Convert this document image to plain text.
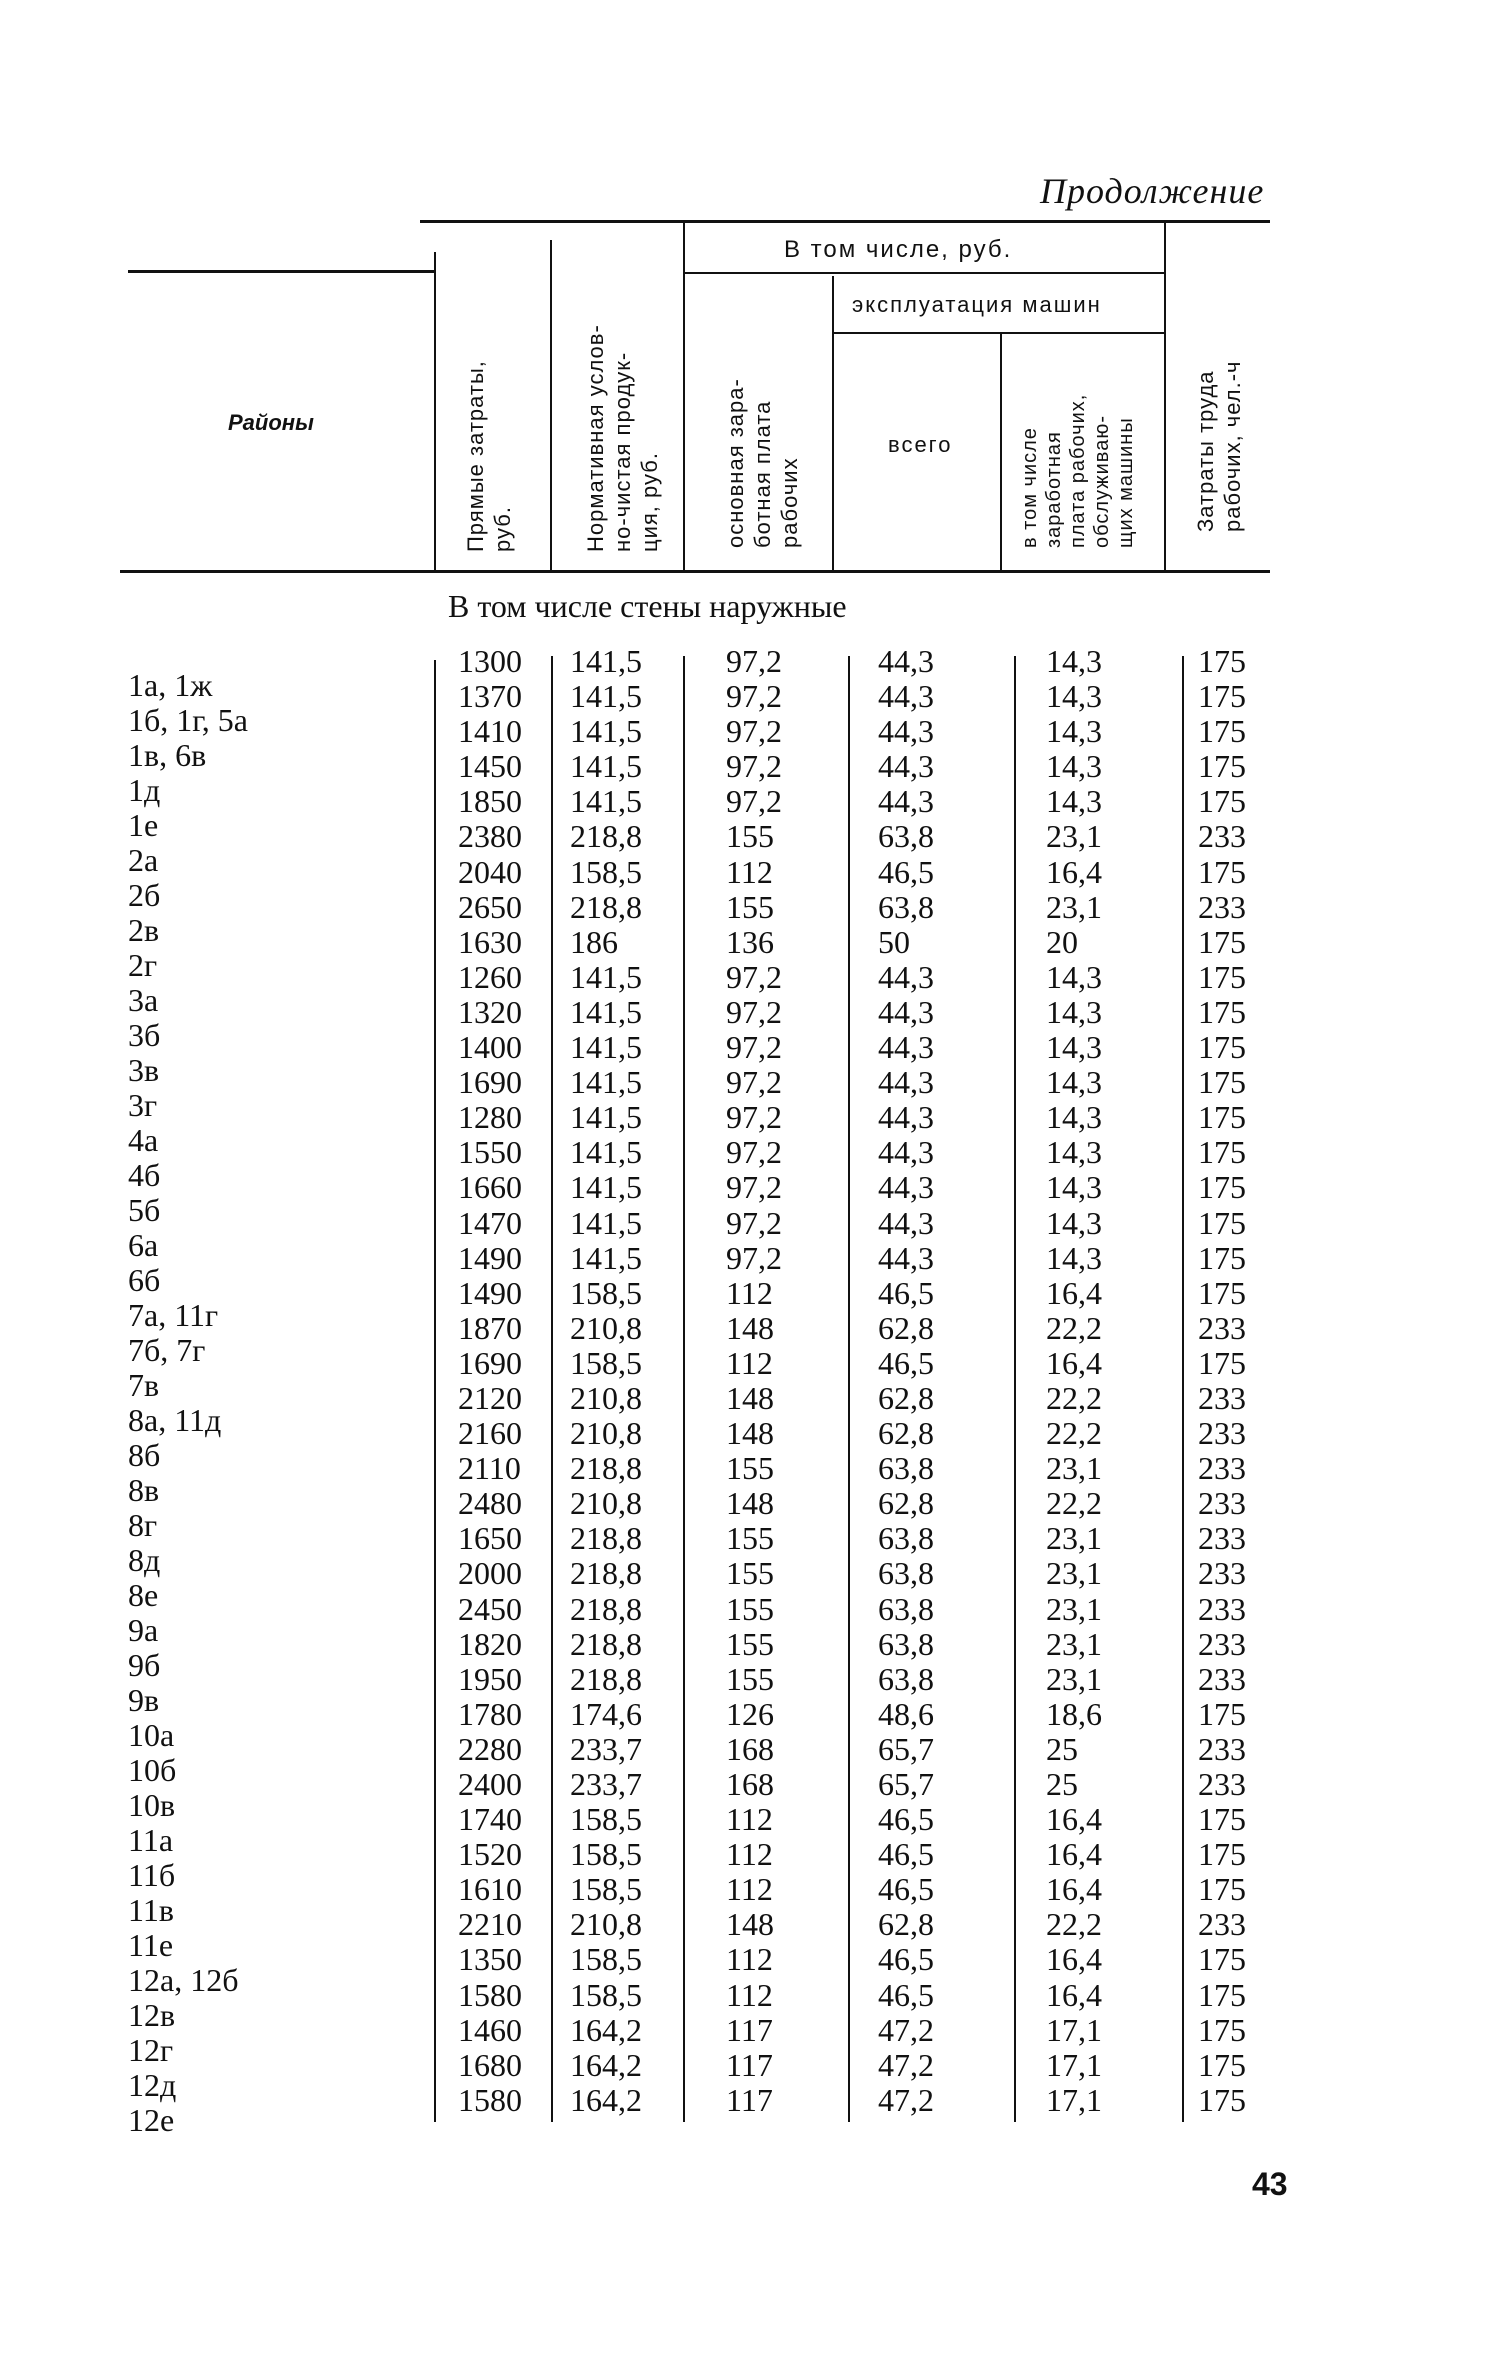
Продолжение
Районы
Прямые затраты,
руб.	Нормативная услов-
но-чистая продук-
ция, руб.
В том числе, руб.
основная зара-
ботная плата
рабочих
эксплуатация машин
всего
в том числе
заработная
плата рабочих,
обслуживаю-
щих машины	Затраты труда
рабочих, чел.-ч
В том числе стены наружные
1а, 1ж
1б, 1г, 5а
1в, 6в
1д
1е
2а
2б
2в
2г
3а
3б
3в
3г
4а
4б
5б
6а
6б
7а, 11г
7б, 7г
7в
8а, 11д
8б
8в
8г
8д
8е
9а
9б
9в
10а
10б
10в
11а
11б
11в
11е
12а, 12б
12в
12г
12д
12е
1300
1370
1410
1450
1850
2380
2040
2650
1630
1260
1320
1400
1690
1280
1550
1660
1470
1490
1490
1870
1690
2120
2160
2110
2480
1650
2000
2450
1820
1950
1780
2280
2400
1740
1520
1610
2210
1350
1580
1460
1680
1580
141,5
141,5
141,5
141,5
141,5
218,8
158,5
218,8
186
141,5
141,5
141,5
141,5
141,5
141,5
141,5
141,5
141,5
158,5
210,8
158,5
210,8
210,8
218,8
210,8
218,8
218,8
218,8
218,8
218,8
174,6
233,7
233,7
158,5
158,5
158,5
210,8
158,5
158,5
164,2
164,2
164,2
97,2
97,2
97,2
97,2
97,2
155
112
155
136
97,2
97,2
97,2
97,2
97,2
97,2
97,2
97,2
97,2
112
148
112
148
148
155
148
155
155
155
155
155
126
168
168
112
112
112
148
112
112
117
117
117
44,3
44,3
44,3
44,3
44,3
63,8
46,5
63,8
50
44,3
44,3
44,3
44,3
44,3
44,3
44,3
44,3
44,3
46,5
62,8
46,5
62,8
62,8
63,8
62,8
63,8
63,8
63,8
63,8
63,8
48,6
65,7
65,7
46,5
46,5
46,5
62,8
46,5
46,5
47,2
47,2
47,2
14,3
14,3
14,3
14,3
14,3
23,1
16,4
23,1
20
14,3
14,3
14,3
14,3
14,3
14,3
14,3
14,3
14,3
16,4
22,2
16,4
22,2
22,2
23,1
22,2
23,1
23,1
23,1
23,1
23,1
18,6
25
25
16,4
16,4
16,4
22,2
16,4
16,4
17,1
17,1
17,1
175
175
175
175
175
233
175
233
175
175
175
175
175
175
175
175
175
175
175
233
175
233
233
233
233
233
233
233
233
233
175
233
233
175
175
175
233
175
175
175
175
175
43
